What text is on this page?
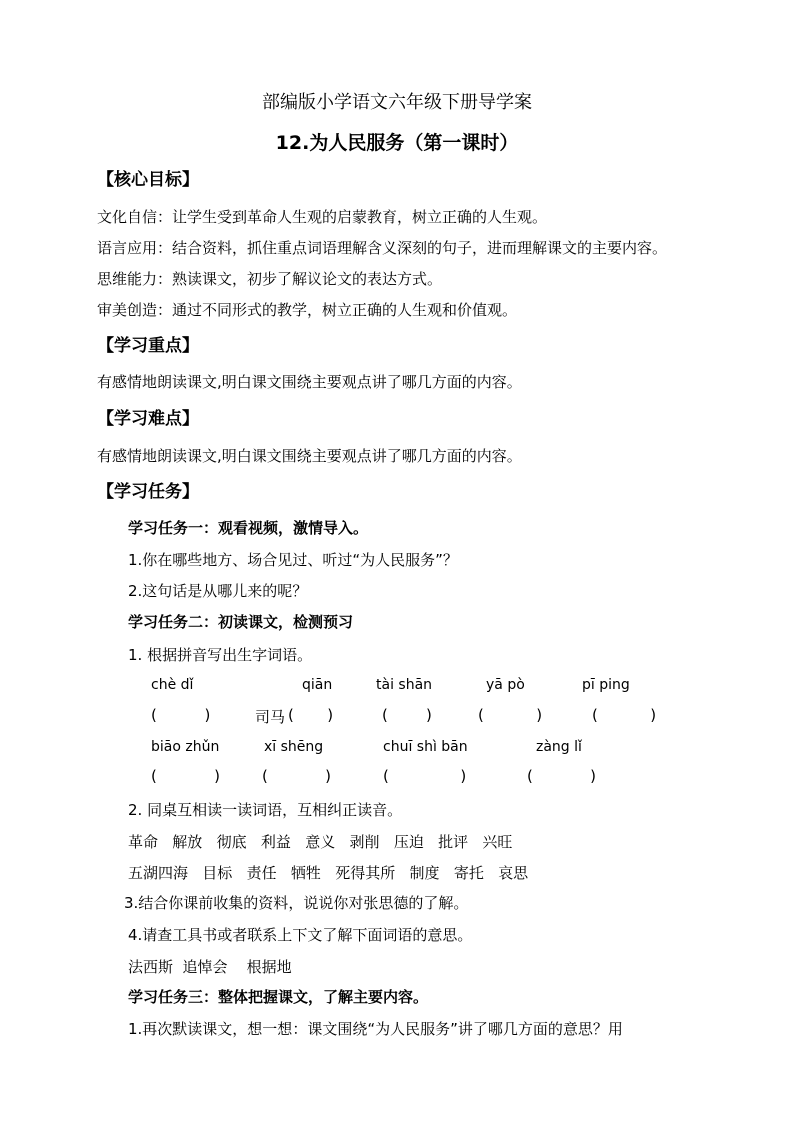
部编版小学语文六年级下册导学案
12.为人民服务（第一课时）
【核心目标】
文化自信：让学生受到革命人生观的启蒙教育，树立正确的人生观。
语言应用：结合资料，抓住重点词语理解含义深刻的句子，进而理解课文的主要内容。
思维能力：熟读课文，初步了解议论文的表达方式。
审美创造：通过不同形式的教学，树立正确的人生观和价值观。
【学习重点】
有感情地朗读课文,明白课文围绕主要观点讲了哪几方面的内容。
【学习难点】
有感情地朗读课文,明白课文围绕主要观点讲了哪几方面的内容。
【学习任务】
学习任务一：观看视频，激情导入。
1.你在哪些地方、场合见过、听过“为人民服务”？
2.这句话是从哪儿来的呢？
学习任务二：初读课文，检测预习
1. 根据拼音写出生字词语。
chè dǐ	qiān	tài shān	yā pò	pī ping
(          )	司马 (       )	(        )	(           )	(           )
biāo zhǔn	xī shēng	chuī shì bān	zàng lǐ
(            )	(            )	(               )	(            )
2. 同桌互相读一读词语，互相纠正读音。
革命   解放   彻底   利益   意义   剥削   压迫   批评   兴旺
五湖四海   目标   责任   牺牲   死得其所   制度   寄托   哀思
3.结合你课前收集的资料，说说你对张思德的了解。
4.请查工具书或者联系上下文了解下面词语的意思。
法西斯  追悼会    根据地
学习任务三：整体把握课文，了解主要内容。
1.再次默读课文，想一想：课文围绕“为人民服务”讲了哪几方面的意思？用
